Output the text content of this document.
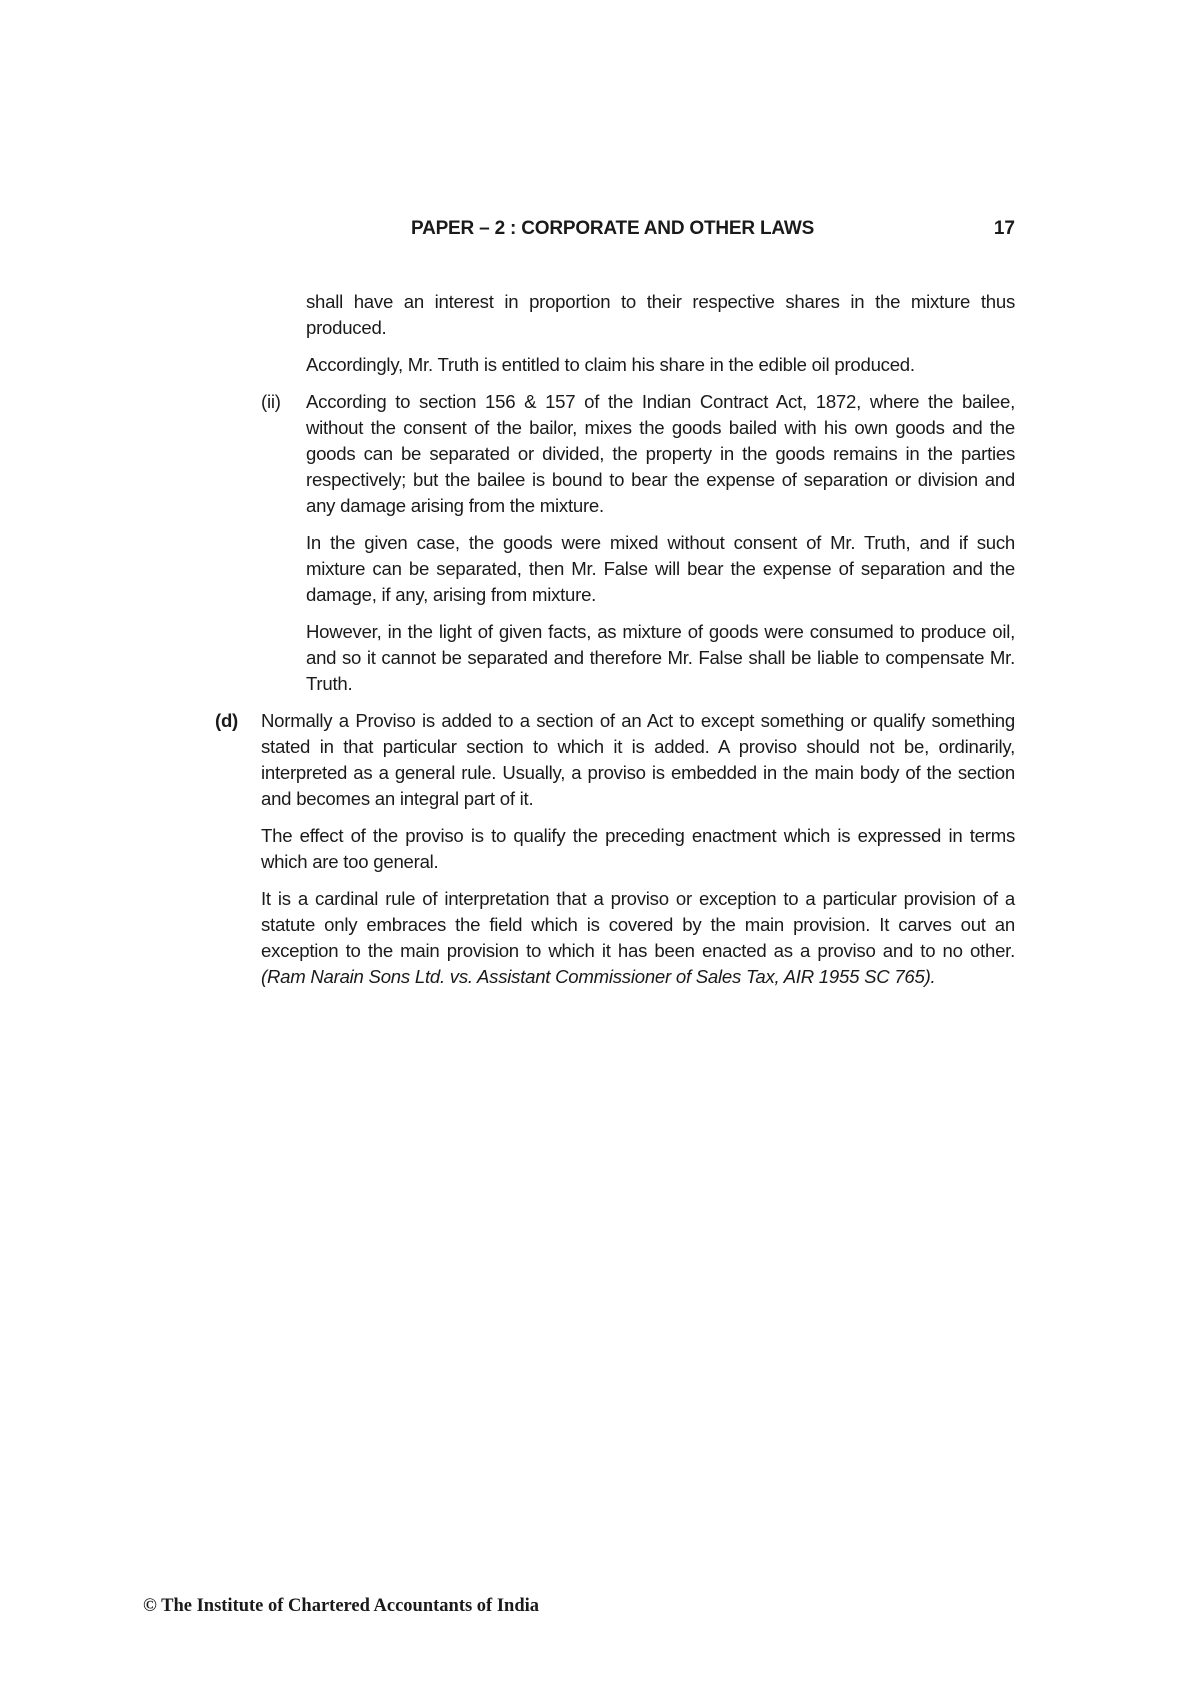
PAPER – 2 : CORPORATE AND OTHER LAWS	17

shall have an interest in proportion to their respective shares in the mixture thus produced.

Accordingly, Mr. Truth is entitled to claim his share in the edible oil produced.

(ii)	According to section 156 & 157 of the Indian Contract Act, 1872, where the bailee, without the consent of the bailor, mixes the goods bailed with his own goods and the goods can be separated or divided, the property in the goods remains in the parties respectively; but the bailee is bound to bear the expense of separation or division and any damage arising from the mixture.

In the given case, the goods were mixed without consent of Mr. Truth, and if such mixture can be separated, then Mr. False will bear the expense of separation and the damage, if any, arising from mixture.

However, in the light of given facts, as mixture of goods were consumed to produce oil, and so it cannot be separated and therefore Mr. False shall be liable to compensate Mr. Truth.

(d)	Normally a Proviso is added to a section of an Act to except something or qualify something stated in that particular section to which it is added. A proviso should not be, ordinarily, interpreted as a general rule. Usually, a proviso is embedded in the main body of the section and becomes an integral part of it.

The effect of the proviso is to qualify the preceding enactment which is expressed in terms which are too general.

It is a cardinal rule of interpretation that a proviso or exception to a particular provision of a statute only embraces the field which is covered by the main provision. It carves out an exception to the main provision to which it has been enacted as a proviso and to no other. (Ram Narain Sons Ltd. vs. Assistant Commissioner of Sales Tax, AIR 1955 SC 765).

© The Institute of Chartered Accountants of India
